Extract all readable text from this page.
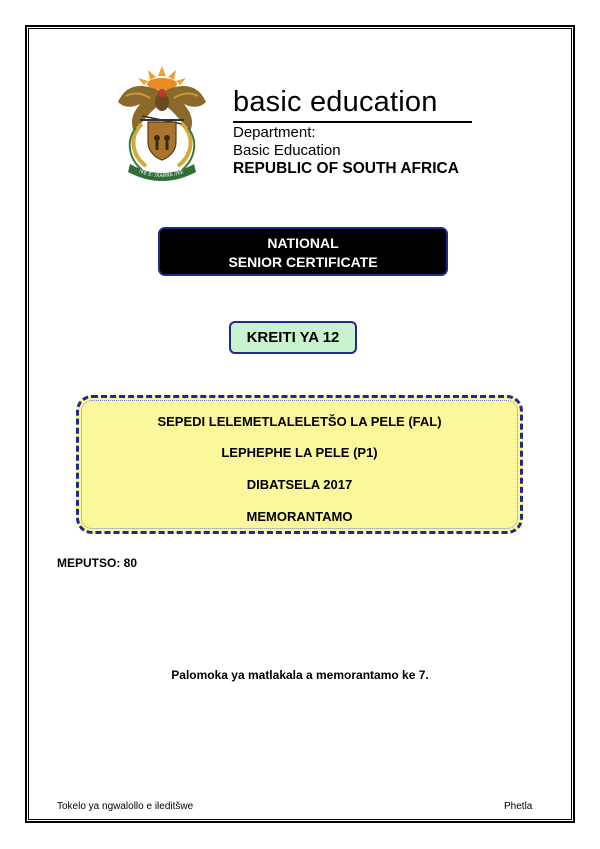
!KE E: /XARRA //KE
basic education
Department:
Basic Education
REPUBLIC OF SOUTH AFRICA
NATIONAL
SENIOR CERTIFICATE
KREITI YA 12
SEPEDI LELEMETLALELETŠO LA PELE (FAL)
LEPHEPHE LA PELE (P1)
DIBATSELA 2017
MEMORANTAMO
MEPUTSO: 80
Palomoka ya matlakala a memorantamo ke 7.
Tokelo ya ngwalollo e ileditšwe	Phetla
